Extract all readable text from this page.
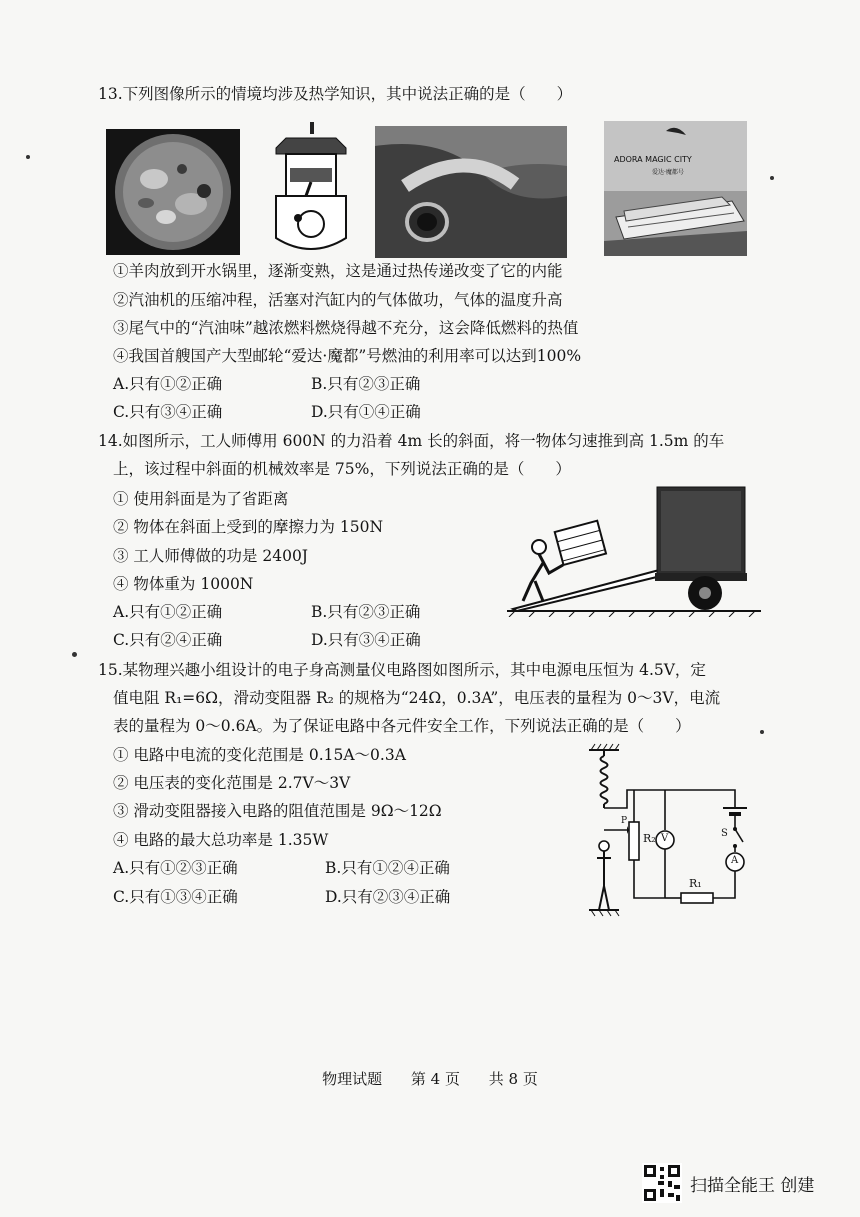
13.下列图像所示的情境均涉及热学知识，其中说法正确的是（　　）
ADORA MAGIC CITY
爱达·魔都号
①羊肉放到开水锅里，逐渐变熟，这是通过热传递改变了它的内能
②汽油机的压缩冲程，活塞对汽缸内的气体做功，气体的温度升高
③尾气中的“汽油味”越浓燃料燃烧得越不充分，这会降低燃料的热值
④我国首艘国产大型邮轮“爱达·魔都”号燃油的利用率可以达到100%
A.只有①②正确	B.只有②③正确
C.只有③④正确	D.只有①④正确
14.如图所示，工人师傅用 600N 的力沿着 4m 长的斜面，将一物体匀速推到高 1.5m 的车
上，该过程中斜面的机械效率是 75%，下列说法正确的是（　　）
① 使用斜面是为了省距离
② 物体在斜面上受到的摩擦力为 150N
③ 工人师傅做的功是 2400J
④ 物体重为 1000N
A.只有①②正确	B.只有②③正确
C.只有②④正确	D.只有③④正确
15.某物理兴趣小组设计的电子身高测量仪电路图如图所示，其中电源电压恒为 4.5V，定
值电阻 R₁=6Ω，滑动变阻器 R₂ 的规格为“24Ω，0.3A”，电压表的量程为 0～3V，电流
表的量程为 0～0.6A。为了保证电路中各元件安全工作，下列说法正确的是（　　）
① 电路中电流的变化范围是 0.15A～0.3A
② 电压表的变化范围是 2.7V～3V
③ 滑动变阻器接入电路的阻值范围是 9Ω～12Ω
④ 电路的最大总功率是 1.35W
A.只有①②③正确	B.只有①②④正确
C.只有①③④正确	D.只有②③④正确
P
R₂ V	S
A
R₁
物理试题 第 4 页 共 8 页
扫描全能王 创建
